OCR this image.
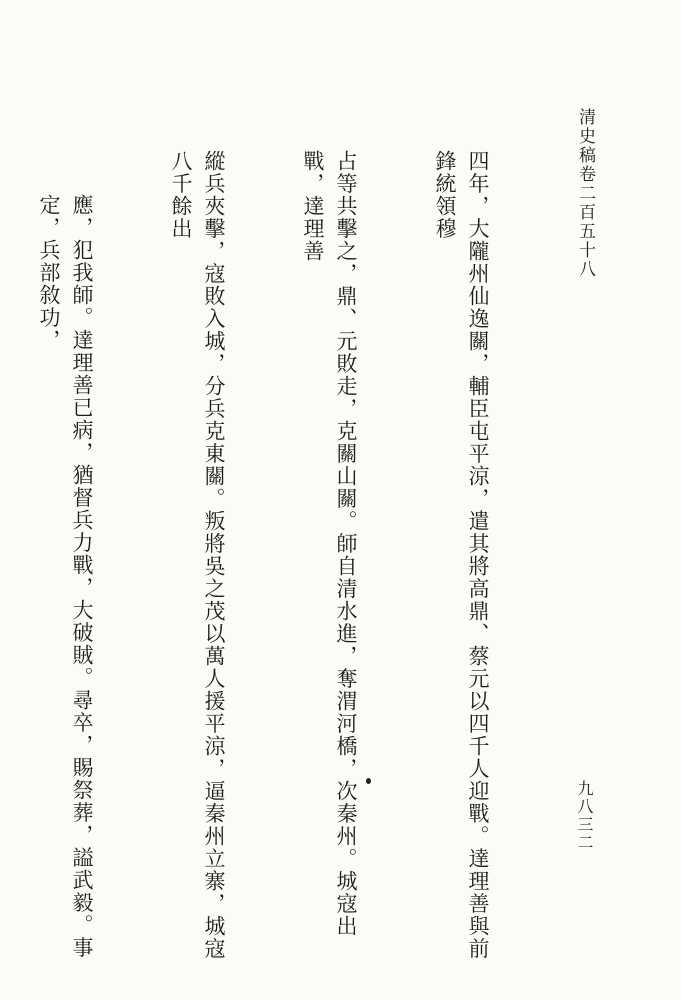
清史稿卷二百五十八
九八三二

四年，大隴州仙逸關，輔臣屯平涼，遣其將高鼎、蔡元以四千人迎戰。達理善與前鋒統領穆

占等共擊之，鼎、元敗走，克關山關。師自清水進，奪渭河橋，次秦州。城寇出戰，達理善

縱兵夾擊，寇敗入城，分兵克東關。叛將吳之茂以萬人援平涼，逼秦州立寨，城寇八千餘出

應，犯我師。達理善已病，猶督兵力戰，大破賊。尋卒，賜祭葬，謚武毅。事定，兵部敘功，
